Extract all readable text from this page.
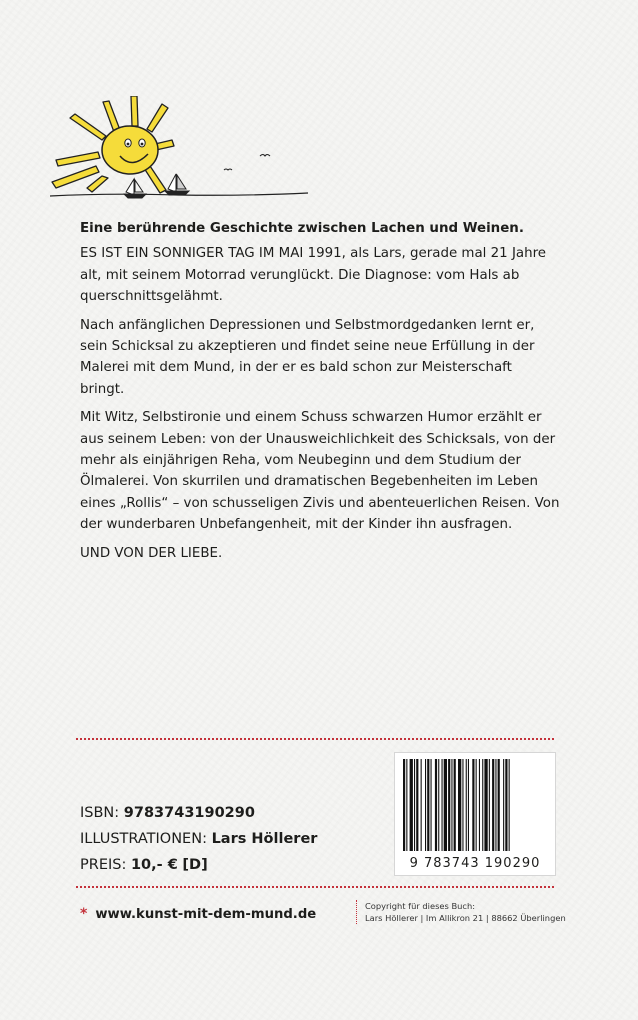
Eine berührende Geschichte zwischen Lachen und Weinen.

ES IST EIN SONNIGER TAG IM MAI 1991, als Lars, gerade mal 21 Jahre alt, mit seinem Motorrad verunglückt. Die Diagnose: vom Hals ab querschnittsgelähmt.

Nach anfänglichen Depressionen und Selbstmordgedanken lernt er, sein Schicksal zu akzeptieren und findet seine neue Erfüllung in der Malerei mit dem Mund, in der er es bald schon zur Meisterschaft bringt.

Mit Witz, Selbstironie und einem Schuss schwarzen Humor erzählt er aus seinem Leben: von der Unausweichlichkeit des Schicksals, von der mehr als einjährigen Reha, vom Neubeginn und dem Studium der Ölmalerei. Von skurrilen und dramatischen Begebenheiten im Leben eines „Rollis“ – von schusseligen Zivis und abenteuerlichen Reisen. Von der wunderbaren Unbefangenheit, mit der Kinder ihn ausfragen.

UND VON DER LIEBE.

ISBN: 9783743190290
ILLUSTRATIONEN: Lars Höllerer
PREIS: 10,- € [D]	9 783743 190290
* www.kunst-mit-dem-mund.de
Copyright für dieses Buch:
Lars Höllerer | Im Allikron 21 | 88662 Überlingen
